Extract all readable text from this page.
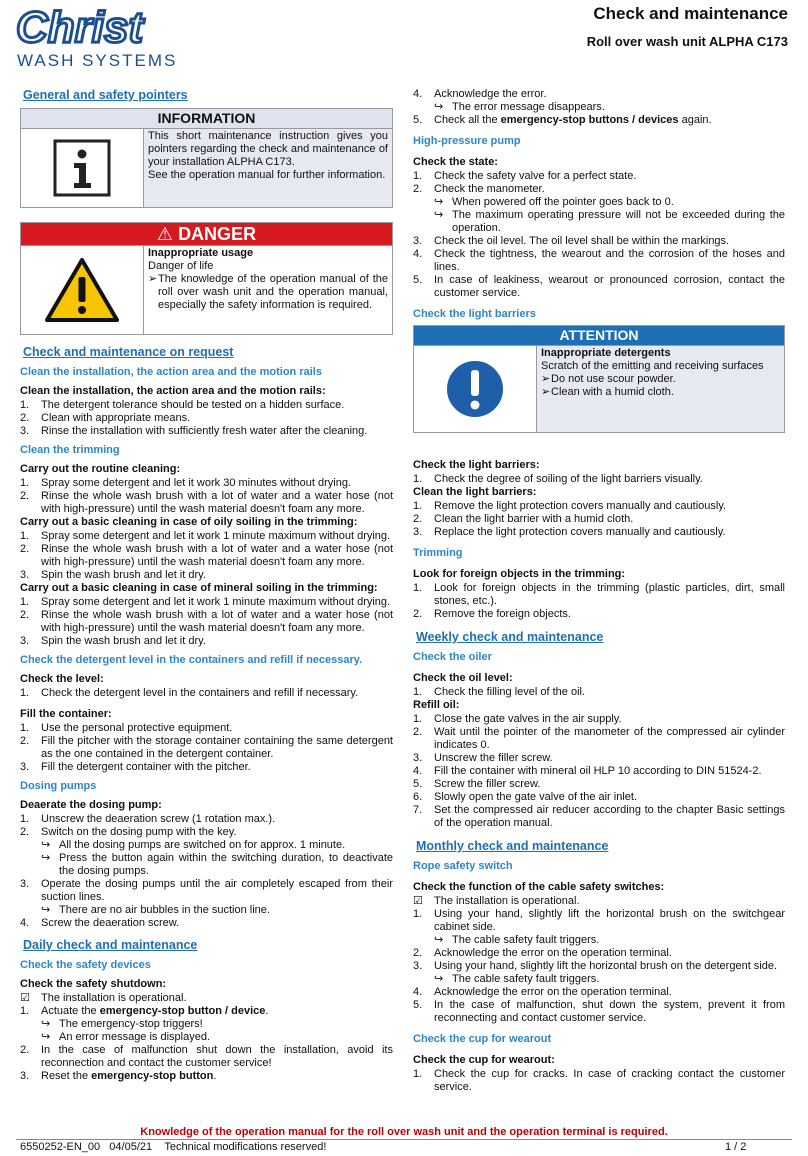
Christ
WASH SYSTEMS
Check and maintenance
Roll over wash unit ALPHA C173
General and safety pointers
INFORMATION
This short maintenance instruction gives you pointers regarding the check and maintenance of your installation ALPHA C173.
See the operation manual for further information.
⚠ DANGER
Inappropriate usage
Danger of life
➢ The knowledge of the operation manual of the roll over wash unit and the operation manual, especially the safety information is required.
Check and maintenance on request
Clean the installation, the action area and the motion rails
Clean the installation, the action area and the motion rails:
1.	The detergent tolerance should be tested on a hidden surface.
2.	Clean with appropriate means.
3.	Rinse the installation with sufficiently fresh water after the cleaning.
Clean the trimming
Carry out the routine cleaning:
1.	Spray some detergent and let it work 30 minutes without drying.
2.	Rinse the whole wash brush with a lot of water and a water hose (not with high-pressure) until the wash material doesn't foam any more.
Carry out a basic cleaning in case of oily soiling in the trimming:
1.	Spray some detergent and let it work 1 minute maximum without drying.
2.	Rinse the whole wash brush with a lot of water and a water hose (not with high-pressure) until the wash material doesn't foam any more.
3.	Spin the wash brush and let it dry.
Carry out a basic cleaning in case of mineral soiling in the trimming:
1.	Spray some detergent and let it work 1 minute maximum without drying.
2.	Rinse the whole wash brush with a lot of water and a water hose (not with high-pressure) until the wash material doesn't foam any more.
3.	Spin the wash brush and let it dry.
Check the detergent level in the containers and refill if necessary.
Check the level:
1.	Check the detergent level in the containers and refill if necessary.
Fill the container:
1.	Use the personal protective equipment.
2.	Fill the pitcher with the storage container containing the same detergent as the one contained in the detergent container.
3.	Fill the detergent container with the pitcher.
Dosing pumps
Deaerate the dosing pump:
1.	Unscrew the deaeration screw (1 rotation max.).
2.	Switch on the dosing pump with the key.
↪ All the dosing pumps are switched on for approx. 1 minute.
↪ Press the button again within the switching duration, to deactivate the dosing pumps.
3.	Operate the dosing pumps until the air completely escaped from their suction lines.
↪ There are no air bubbles in the suction line.
4.	Screw the deaeration screw.
Daily check and maintenance
Check the safety devices
Check the safety shutdown:
☑	The installation is operational.
1.	Actuate the emergency-stop button / device.
↪ The emergency-stop triggers!
↪ An error message is displayed.
2.	In the case of malfunction shut down the installation, avoid its reconnection and contact the customer service!
3.	Reset the emergency-stop button.
4.	Acknowledge the error.
↪ The error message disappears.
5.	Check all the emergency-stop buttons / devices again.
High-pressure pump
Check the state:
1.	Check the safety valve for a perfect state.
2.	Check the manometer.
↪ When powered off the pointer goes back to 0.
↪ The maximum operating pressure will not be exceeded during the operation.
3.	Check the oil level. The oil level shall be within the markings.
4.	Check the tightness, the wearout and the corrosion of the hoses and lines.
5.	In case of leakiness, wearout or pronounced corrosion, contact the customer service.
Check the light barriers
ATTENTION
Inappropriate detergents
Scratch of the emitting and receiving surfaces
➢ Do not use scour powder.
➢ Clean with a humid cloth.
Check the light barriers:
1.	Check the degree of soiling of the light barriers visually.
Clean the light barriers:
1.	Remove the light protection covers manually and cautiously.
2.	Clean the light barrier with a humid cloth.
3.	Replace the light protection covers manually and cautiously.
Trimming
Look for foreign objects in the trimming:
1.	Look for foreign objects in the trimming (plastic particles, dirt, small stones, etc.).
2.	Remove the foreign objects.
Weekly check and maintenance
Check the oiler
Check the oil level:
1.	Check the filling level of the oil.
Refill oil:
1.	Close the gate valves in the air supply.
2.	Wait until the pointer of the manometer of the compressed air cylinder indicates 0.
3.	Unscrew the filler screw.
4.	Fill the container with mineral oil HLP 10 according to DIN 51524-2.
5.	Screw the filler screw.
6.	Slowly open the gate valve of the air inlet.
7.	Set the compressed air reducer according to the chapter Basic settings of the operation manual.
Monthly check and maintenance
Rope safety switch
Check the function of the cable safety switches:
☑	The installation is operational.
1.	Using your hand, slightly lift the horizontal brush on the switchgear cabinet side.
↪ The cable safety fault triggers.
2.	Acknowledge the error on the operation terminal.
3.	Using your hand, slightly lift the horizontal brush on the detergent side.
↪ The cable safety fault triggers.
4.	Acknowledge the error on the operation terminal.
5.	In the case of malfunction, shut down the system, prevent it from reconnecting and contact customer service.
Check the cup for wearout
Check the cup for wearout:
1.	Check the cup for cracks. In case of cracking contact the customer service.
Knowledge of the operation manual for the roll over wash unit and the operation terminal is required.
6550252-EN_00 04/05/21 Technical modifications reserved!	1 / 2
